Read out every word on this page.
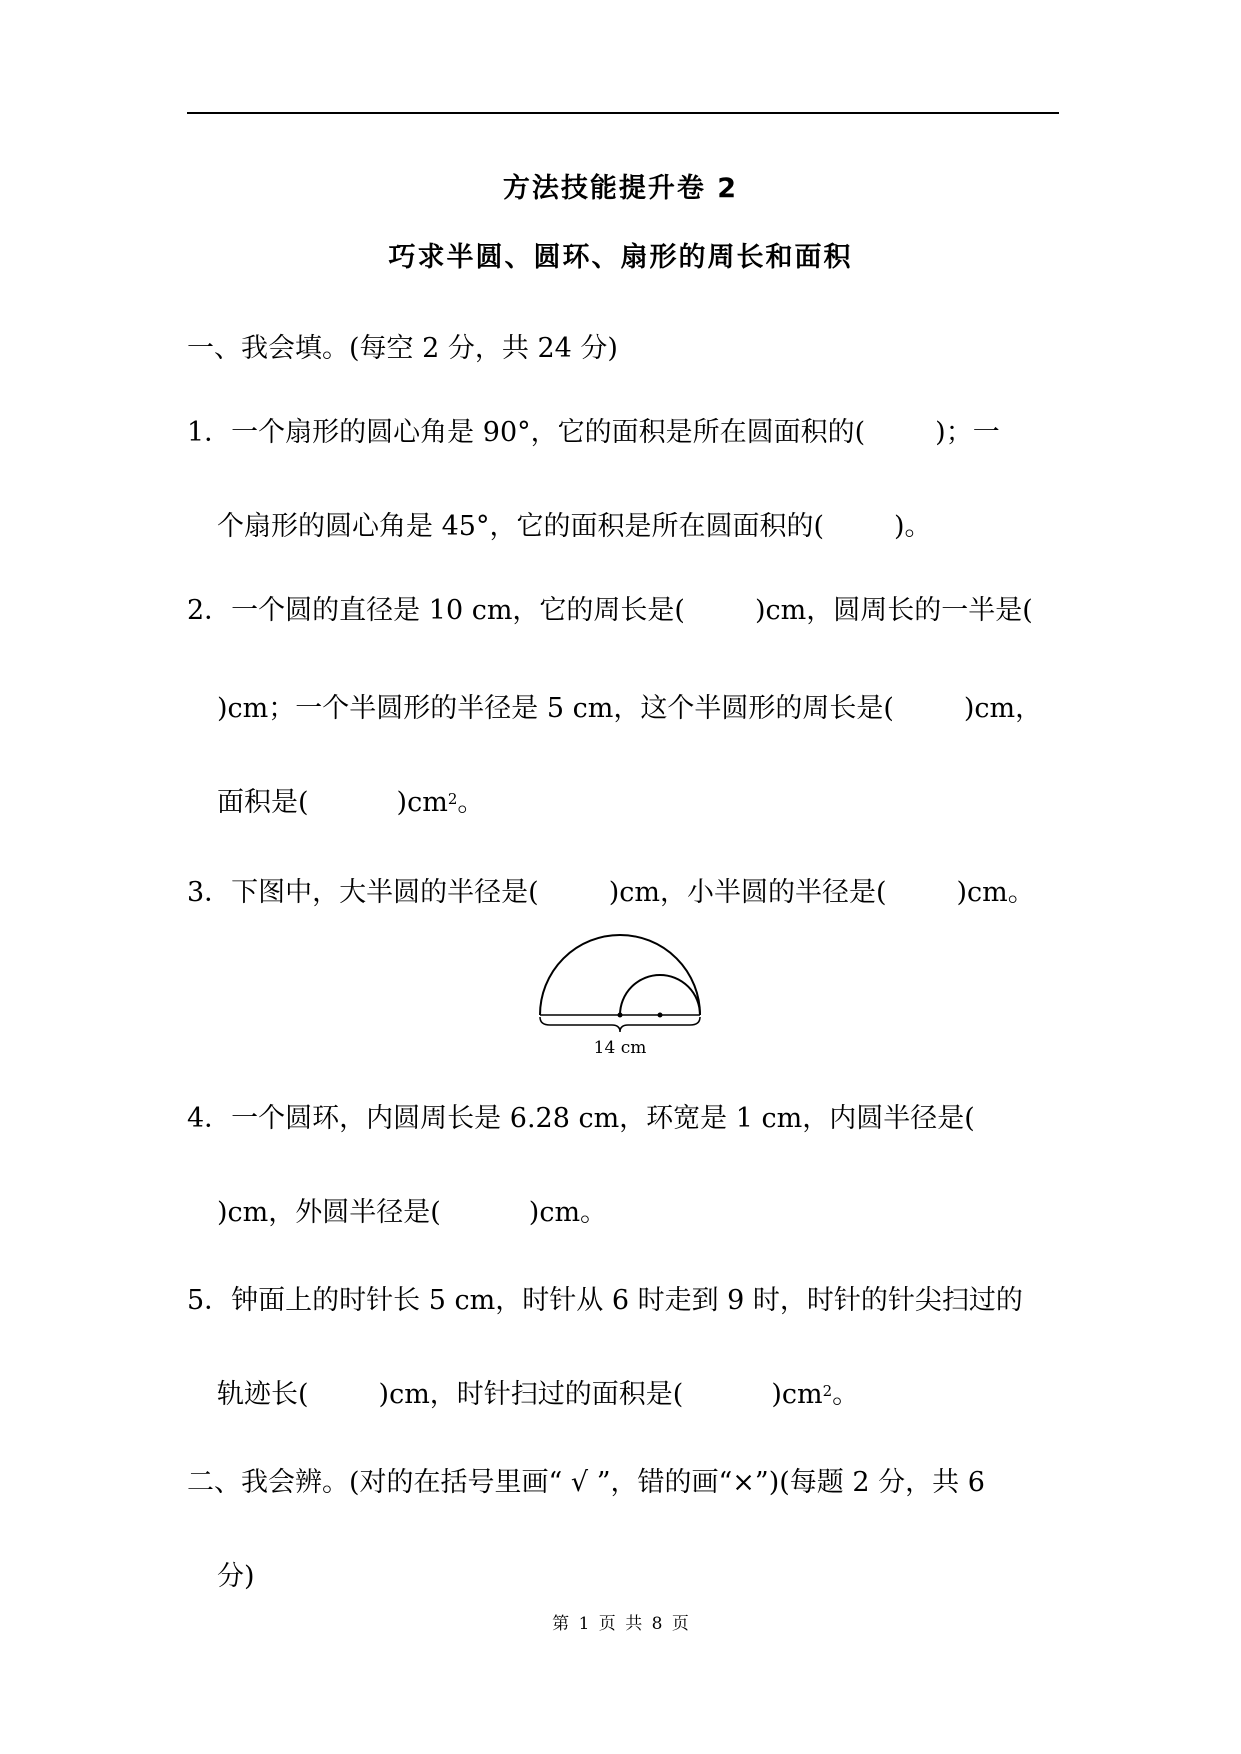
方法技能提升卷 2
巧求半圆、圆环、扇形的周长和面积

一、我会填。(每空 2 分，共 24 分)

1．一个扇形的圆心角是 90°，它的面积是所在圆面积的(	)；一

个扇形的圆心角是 45°，它的面积是所在圆面积的(	)。

2．一个圆的直径是 10 cm，它的周长是(	)cm，圆周长的一半是(

)cm；一个半圆形的半径是 5 cm，这个半圆形的周长是(	)cm，

面积是(	)$cm^2$。

3．下图中，大半圆的半径是(	)cm，小半圆的半径是(	)cm。

14 cm

4．一个圆环，内圆周长是 6.28 cm，环宽是 1 cm，内圆半径是(

)cm，外圆半径是(	)cm。

5．钟面上的时针长 5 cm，时针从 6 时走到 9 时，时针的针尖扫过的

轨迹长(	)cm，时针扫过的面积是(	)$cm^2$。

二、我会辨。(对的在括号里画“ √ ”，错的画“×”)(每题 2 分，共 6

分)

第 1 页 共 8 页
